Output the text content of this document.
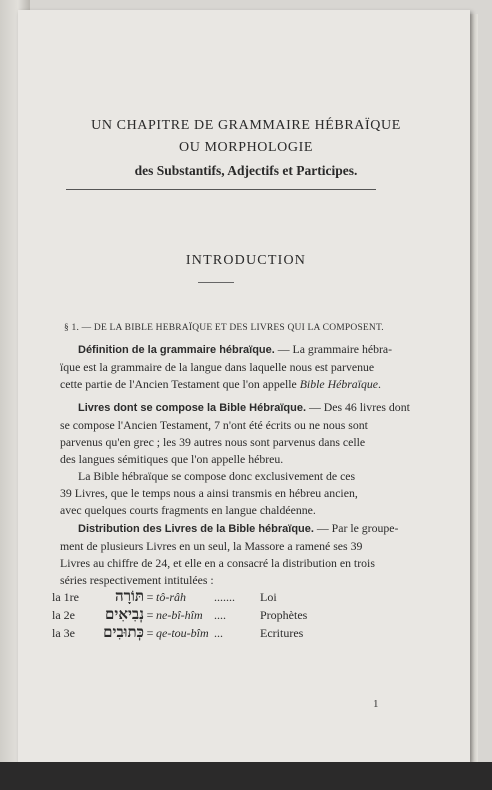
UN CHAPITRE DE GRAMMAIRE HÉBRAÏQUE
OU MORPHOLOGIE
des Substantifs, Adjectifs et Participes.
INTRODUCTION
§ 1. — DE LA BIBLE HEBRAÏQUE ET DES LIVRES QUI LA COMPOSENT.
Définition de la grammaire hébraïque. — La grammaire hébra-
ïque est la grammaire de la langue dans laquelle nous est parvenue
cette partie de l'Ancien Testament que l'on appelle Bible Hébraïque.
Livres dont se compose la Bible Hébraïque. — Des 46 livres dont
se compose l'Ancien Testament, 7 n'ont été écrits ou ne nous sont
parvenus qu'en grec ; les 39 autres nous sont parvenus dans celle
des langues sémitiques que l'on appelle hébreu.
La Bible hébraïque se compose donc exclusivement de ces
39 Livres, que le temps nous a ainsi transmis en hébreu ancien,
avec quelques courts fragments en langue chaldéenne.
Distribution des Livres de la Bible hébraïque. — Par le groupe-
ment de plusieurs Livres en un seul, la Massore a ramené ses 39
Livres au chiffre de 24, et elle en a consacré la distribution en trois
séries respectivement intitulées :
la 1re	תּוֹרָה = tô-râh	.......	Loi
la 2e	נְבִיאִים = ne-bî-hîm ....	Prophètes
la 3e	כְּתוּבִים = qe-tou-bîm ...	Ecritures
1
